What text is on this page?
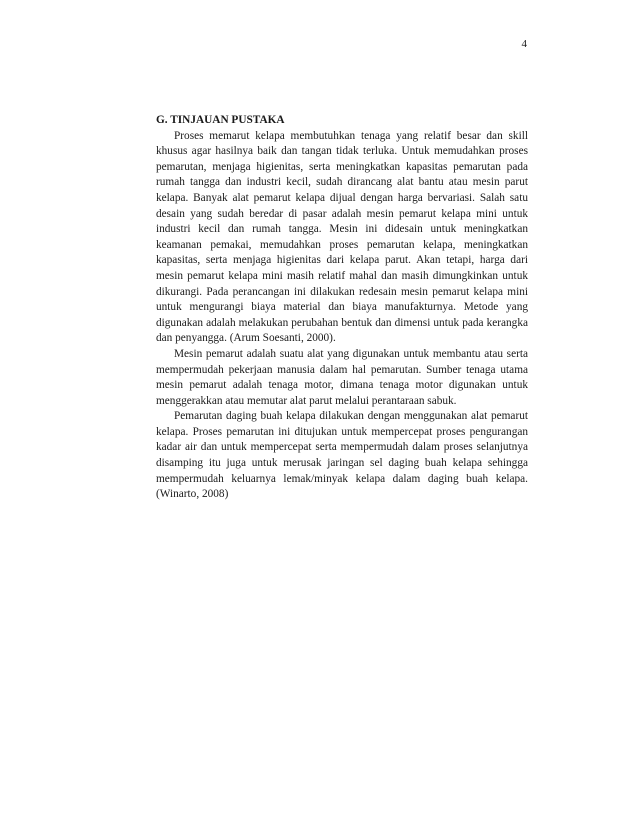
4

G. TINJAUAN PUSTAKA

Proses memarut kelapa membutuhkan tenaga yang relatif besar dan skill khusus agar hasilnya baik dan tangan tidak terluka. Untuk memudahkan proses pemarutan, menjaga higienitas, serta meningkatkan kapasitas pemarutan pada rumah tangga dan industri kecil, sudah dirancang alat bantu atau mesin parut kelapa. Banyak alat pemarut kelapa dijual dengan harga bervariasi. Salah satu desain yang sudah beredar di pasar adalah mesin pemarut kelapa mini untuk industri kecil dan rumah tangga. Mesin ini didesain untuk meningkatkan keamanan pemakai, memudahkan proses pemarutan kelapa, meningkatkan kapasitas, serta menjaga higienitas dari kelapa parut. Akan tetapi, harga dari mesin pemarut kelapa mini masih relatif mahal dan masih dimungkinkan untuk dikurangi. Pada perancangan ini dilakukan redesain mesin pemarut kelapa mini untuk mengurangi biaya material dan biaya manufakturnya. Metode yang digunakan adalah melakukan perubahan bentuk dan dimensi untuk pada kerangka dan penyangga. (Arum Soesanti, 2000).

Mesin pemarut adalah suatu alat yang digunakan untuk membantu atau serta mempermudah pekerjaan manusia dalam hal pemarutan. Sumber tenaga utama mesin pemarut adalah tenaga motor, dimana tenaga motor digunakan untuk menggerakkan atau memutar alat parut melalui perantaraan sabuk.

Pemarutan daging buah kelapa dilakukan dengan menggunakan alat pemarut kelapa. Proses pemarutan ini ditujukan untuk mempercepat proses pengurangan kadar air dan untuk mempercepat serta mempermudah dalam proses selanjutnya disamping itu juga untuk merusak jaringan sel daging buah kelapa sehingga mempermudah keluarnya lemak/minyak kelapa dalam daging buah kelapa. (Winarto, 2008)
